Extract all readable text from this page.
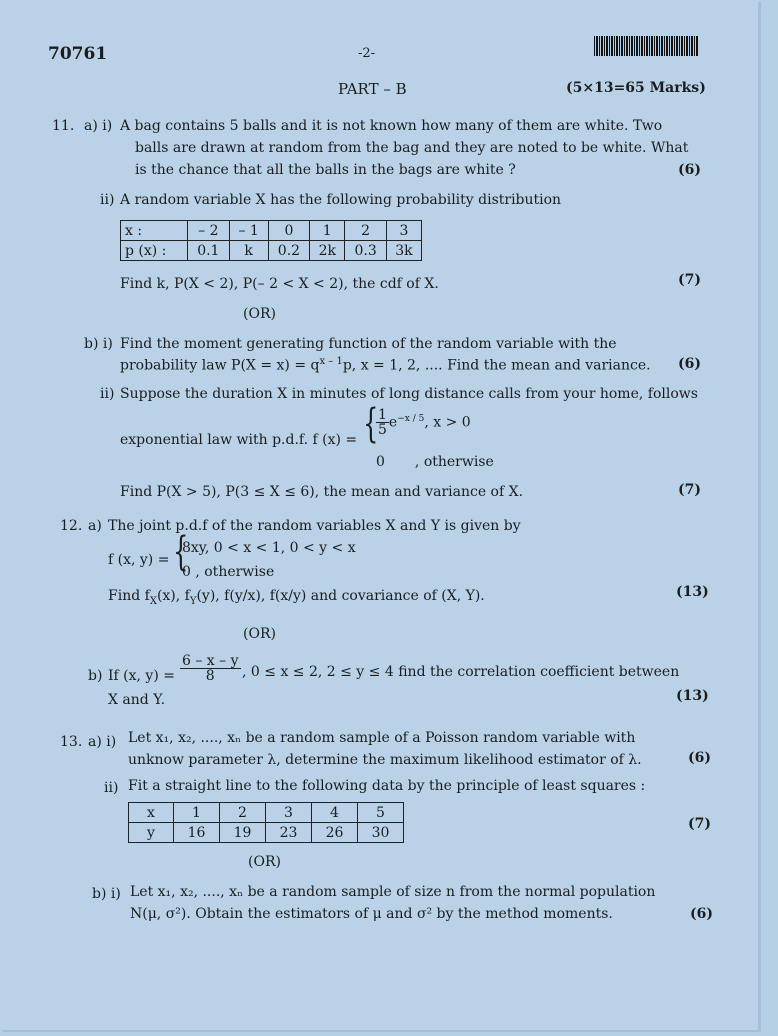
70761	-2-
PART – B	(5×13=65 Marks)
11. a) i) A bag contains 5 balls and it is not known how many of them are white. Two
balls are drawn at random from the bag and they are noted to be white. What
is the chance that all the balls in the bags are white ?	(6)
ii) A random variable X has the following probability distribution
x :	– 2	– 1	0	1	2	3
p (x) :	0.1	k	0.2	2k	0.3	3k
Find k, P(X < 2), P(– 2 < X < 2), the cdf of X.	(7)
(OR)
b) i) Find the moment generating function of the random variable with the
probability law $P(X = x) = q^{x - 1}p$, x = 1, 2, .... Find the mean and variance. (6)
ii) Suppose the duration X in minutes of long distance calls from your home, follows
exponential law with p.d.f. f (x) = {
$\frac{1}{5} e^{-x / 5}$, x > 0
0 , otherwise
Find P(X > 5), P(3 ≤ X ≤ 6), the mean and variance of X.	(7)
12. a) The joint p.d.f of the random variables X and Y is given by
f (x, y) = {
8xy, 0 < x < 1, 0 < y < x
0 , otherwise
Find $f_X(x)$, $f_Y(y)$, f(y/x), f(x/y) and covariance of (X, Y).	(13)
(OR)
b) If (x, $y) = \frac{6 - x - y}{8}$ , 0 ≤ x ≤ 2, 2 ≤ y ≤ 4 find the correlation coefficient between
X and Y.	(13)
13. a) i) Let x₁, x₂, ...., xₙ be a random sample of a Poisson random variable with
unknow parameter λ, determine the maximum likelihood estimator of λ.	(6)
ii) Fit a straight line to the following data by the principle of least squares :
x	1	2	3	4	5
y	16	19	23	26	30
(7)
(OR)
b) i) Let x₁, x₂, ...., xₙ be a random sample of size n from the normal population
N(μ, σ²). Obtain the estimators of μ and σ² by the method moments.	(6)
